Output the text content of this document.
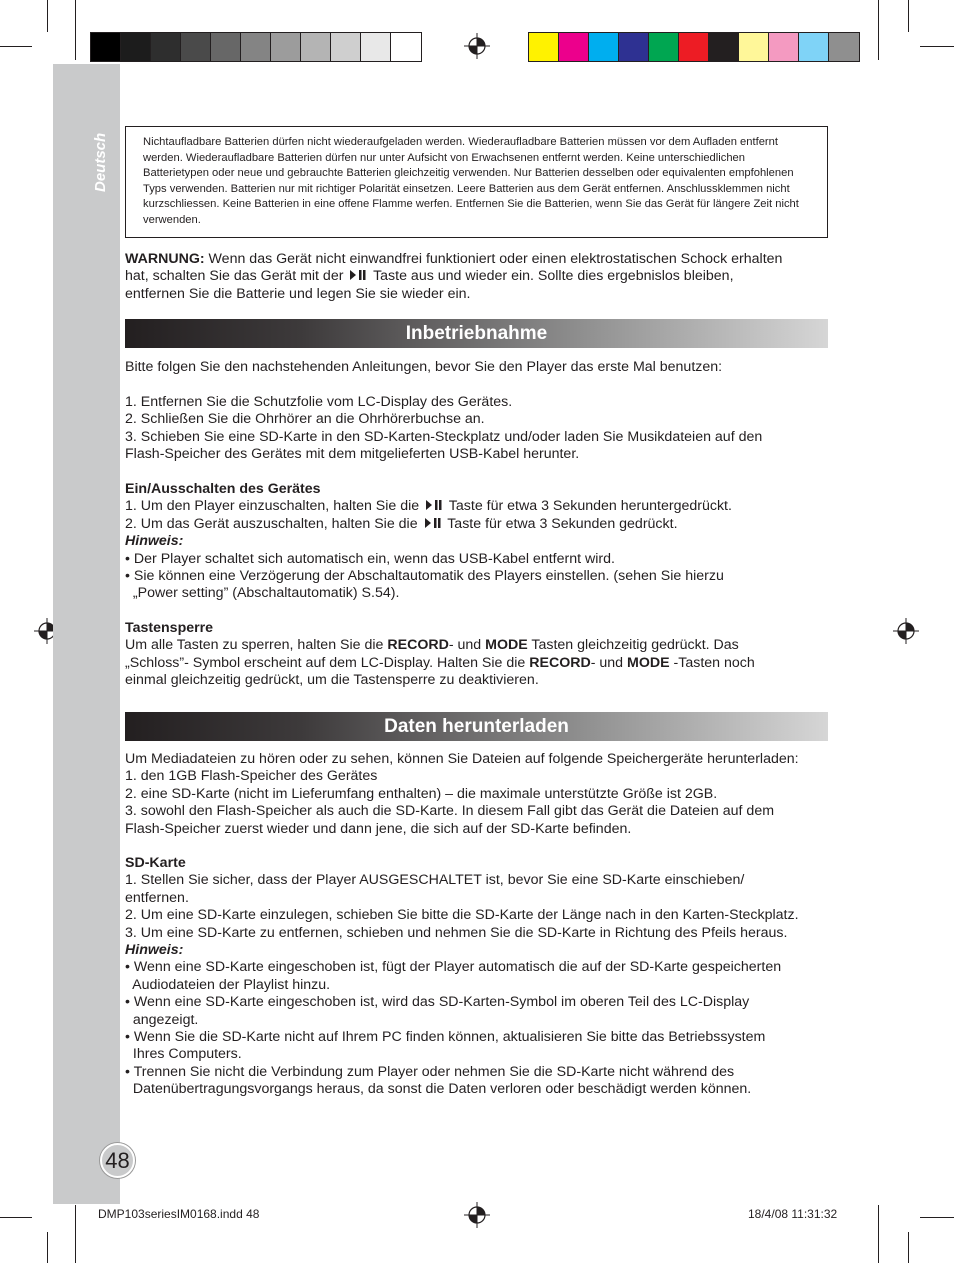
Deutsch
48
Nichtaufladbare Batterien dürfen nicht wiederaufgeladen werden. Wiederaufladbare Batterien müssen vor dem Aufladen entfernt werden. Wiederaufladbare Batterien dürfen nur unter Aufsicht von Erwachsenen entfernt werden. Keine unterschiedlichen Batterietypen oder neue und gebrauchte Batterien gleichzeitig verwenden. Nur Batterien desselben oder equivalenten empfohlenen Typs verwenden. Batterien nur mit richtiger Polarität einsetzen. Leere Batterien aus dem Gerät entfernen. Anschlussklemmen nicht kurzschliessen. Keine Batterien in eine offene Flamme werfen. Entfernen Sie die Batterien, wenn Sie das Gerät für längere Zeit nicht verwenden.
WARNUNG: Wenn das Gerät nicht einwandfrei funktioniert oder einen elektrostatischen Schock erhalten
hat, schalten Sie das Gerät mit der  Taste aus und wieder ein. Sollte dies ergebnislos bleiben,
entfernen Sie die Batterie und legen Sie sie wieder ein.
Inbetriebnahme
Bitte folgen Sie den nachstehenden Anleitungen, bevor Sie den Player das erste Mal benutzen:
1. Entfernen Sie die Schutzfolie vom LC-Display des Gerätes.
2. Schließen Sie die Ohrhörer an die Ohrhörerbuchse an.
3. Schieben Sie eine SD-Karte in den SD-Karten-Steckplatz und/oder laden Sie Musikdateien auf den
Flash-Speicher des Gerätes mit dem mitgelieferten USB-Kabel herunter.
Ein/Ausschalten des Gerätes
1. Um den Player einzuschalten, halten Sie die  Taste für etwa 3 Sekunden heruntergedrückt.
2. Um das Gerät auszuschalten, halten Sie die  Taste für etwa 3 Sekunden gedrückt.
Hinweis:
• Der Player schaltet sich automatisch ein, wenn das USB-Kabel entfernt wird.
• Sie können eine Verzögerung der Abschaltautomatik des Players einstellen. (sehen Sie hierzu
„Power setting” (Abschaltautomatik) S.54).
Tastensperre
Um alle Tasten zu sperren, halten Sie die RECORD- und MODE Tasten gleichzeitig gedrückt. Das
„Schloss”- Symbol erscheint auf dem LC-Display. Halten Sie die RECORD- und MODE -Tasten noch
einmal gleichzeitig gedrückt, um die Tastensperre zu deaktivieren.
Daten herunterladen
Um Mediadateien zu hören oder zu sehen, können Sie Dateien auf folgende Speichergeräte herunterladen:
1. den 1GB Flash-Speicher des Gerätes
2. eine SD-Karte (nicht im Lieferumfang enthalten) – die maximale unterstützte Größe ist 2GB.
3. sowohl den Flash-Speicher als auch die SD-Karte. In diesem Fall gibt das Gerät die Dateien auf dem
Flash-Speicher zuerst wieder und dann jene, die sich auf der SD-Karte befinden.
SD-Karte
1. Stellen Sie sicher, dass der Player AUSGESCHALTET ist, bevor Sie eine SD-Karte einschieben/
entfernen.
2. Um eine SD-Karte einzulegen, schieben Sie bitte die SD-Karte der Länge nach in den Karten-Steckplatz.
3. Um eine SD-Karte zu entfernen, schieben und nehmen Sie die SD-Karte in Richtung des Pfeils heraus.
Hinweis:
• Wenn eine SD-Karte eingeschoben ist, fügt der Player automatisch die auf der SD-Karte gespeicherten
Audiodateien der Playlist hinzu.
• Wenn eine SD-Karte eingeschoben ist, wird das SD-Karten-Symbol im oberen Teil des LC-Display
angezeigt.
• Wenn Sie die SD-Karte nicht auf Ihrem PC finden können, aktualisieren Sie bitte das Betriebssystem
Ihres Computers.
• Trennen Sie nicht die Verbindung zum Player oder nehmen Sie die SD-Karte nicht während des
Datenübertragungsvorgangs heraus, da sonst die Daten verloren oder beschädigt werden können.
DMP103seriesIM0168.indd 48	18/4/08 11:31:32
